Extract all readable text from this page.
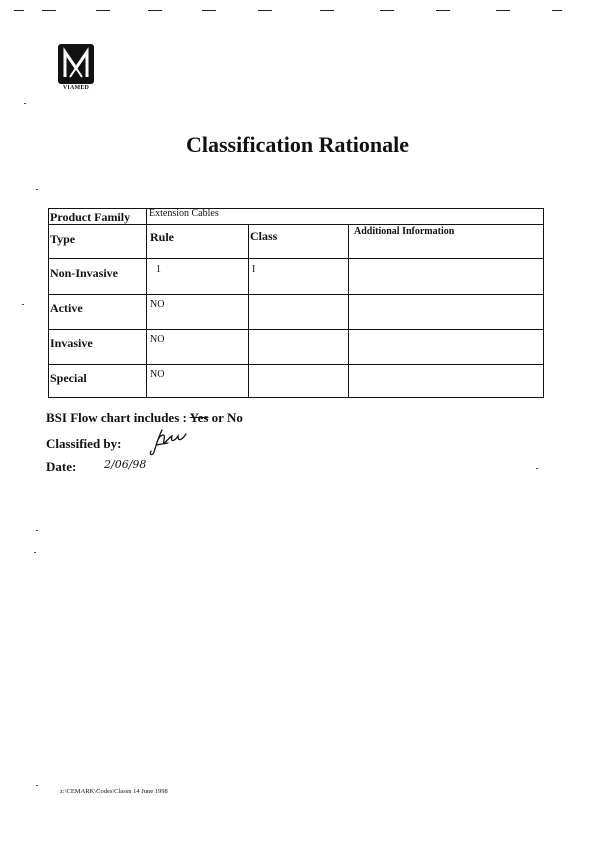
VIAMED
Classification Rationale
Product Family Extension Cables
Type	Rule	Class	Additional Information
Non-Invasive	1	I
Active	NO
Invasive	NO
Special	NO
BSI Flow chart includes : Yes or No
Classified by:
Date:	2/06/98
z:\CEMARK\Codes\Classn 14 June 1998
